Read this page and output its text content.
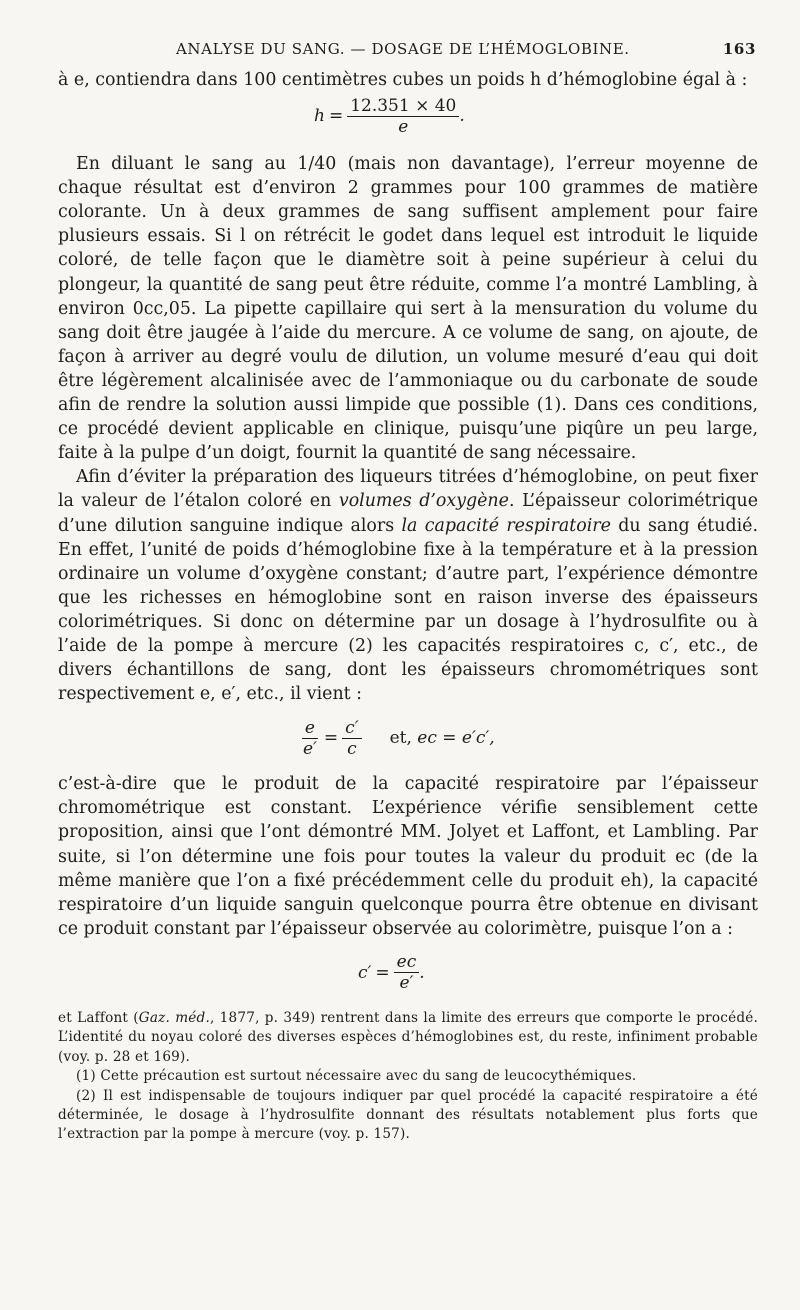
ANALYSE DU SANG. — DOSAGE DE L’HÉMOGLOBINE.	163

à e, contiendra dans 100 centimètres cubes un poids h d’hémoglobine égal à :

$h = \frac{12.351 \times 40}{e}$ .

En diluant le sang au 1/40 (mais non davantage), l’erreur moyenne de chaque résultat est d’environ 2 grammes pour 100 grammes de matière colorante. Un à deux grammes de sang suffisent amplement pour faire plusieurs essais. Si l on rétrécit le godet dans lequel est introduit le liquide coloré, de telle façon que le diamètre soit à peine supérieur à celui du plongeur, la quantité de sang peut être réduite, comme l’a montré Lambling, à environ 0cc,05. La pipette capillaire qui sert à la mensuration du volume du sang doit être jaugée à l’aide du mercure. A ce volume de sang, on ajoute, de façon à arriver au degré voulu de dilution, un volume mesuré d’eau qui doit être légèrement alcalinisée avec de l’ammoniaque ou du carbonate de soude afin de rendre la solution aussi limpide que possible (1). Dans ces conditions, ce procédé devient applicable en clinique, puisqu’une piqûre un peu large, faite à la pulpe d’un doigt, fournit la quantité de sang nécessaire.

Afin d’éviter la préparation des liqueurs titrées d’hémoglobine, on peut fixer la valeur de l’étalon coloré en volumes d’oxygène. L’épaisseur colorimétrique d’une dilution sanguine indique alors la capacité respiratoire du sang étudié. En effet, l’unité de poids d’hémoglobine fixe à la température et à la pression ordinaire un volume d’oxygène constant; d’autre part, l’expérience démontre que les richesses en hémoglobine sont en raison inverse des épaisseurs colorimétriques. Si donc on détermine par un dosage à l’hydrosulfite ou à l’aide de la pompe à mercure (2) les capacités respiratoires c, c′, etc., de divers échantillons de sang, dont les épaisseurs chromométriques sont respectivement e, e′, etc., il vient :

$\frac{e}{e'} = \frac{c'}{c}$ et, ec = e′c′,

c’est-à-dire que le produit de la capacité respiratoire par l’épaisseur chromométrique est constant. L’expérience vérifie sensiblement cette proposition, ainsi que l’ont démontré MM. Jolyet et Laffont, et Lambling. Par suite, si l’on détermine une fois pour toutes la valeur du produit ec (de la même manière que l’on a fixé précédemment celle du produit eh), la capacité respiratoire d’un liquide sanguin quelconque pourra être obtenue en divisant ce produit constant par l’épaisseur observée au colorimètre, puisque l’on a :

$c' = \frac{ec}{e'}$ .

et Laffont (Gaz. méd., 1877, p. 349) rentrent dans la limite des erreurs que comporte le procédé. L’identité du noyau coloré des diverses espèces d’hémoglobines est, du reste, infiniment probable (voy. p. 28 et 169).

(1) Cette précaution est surtout nécessaire avec du sang de leucocythémiques.

(2) Il est indispensable de toujours indiquer par quel procédé la capacité respiratoire a été déterminée, le dosage à l’hydrosulfite donnant des résultats notablement plus forts que l’extraction par la pompe à mercure (voy. p. 157).
